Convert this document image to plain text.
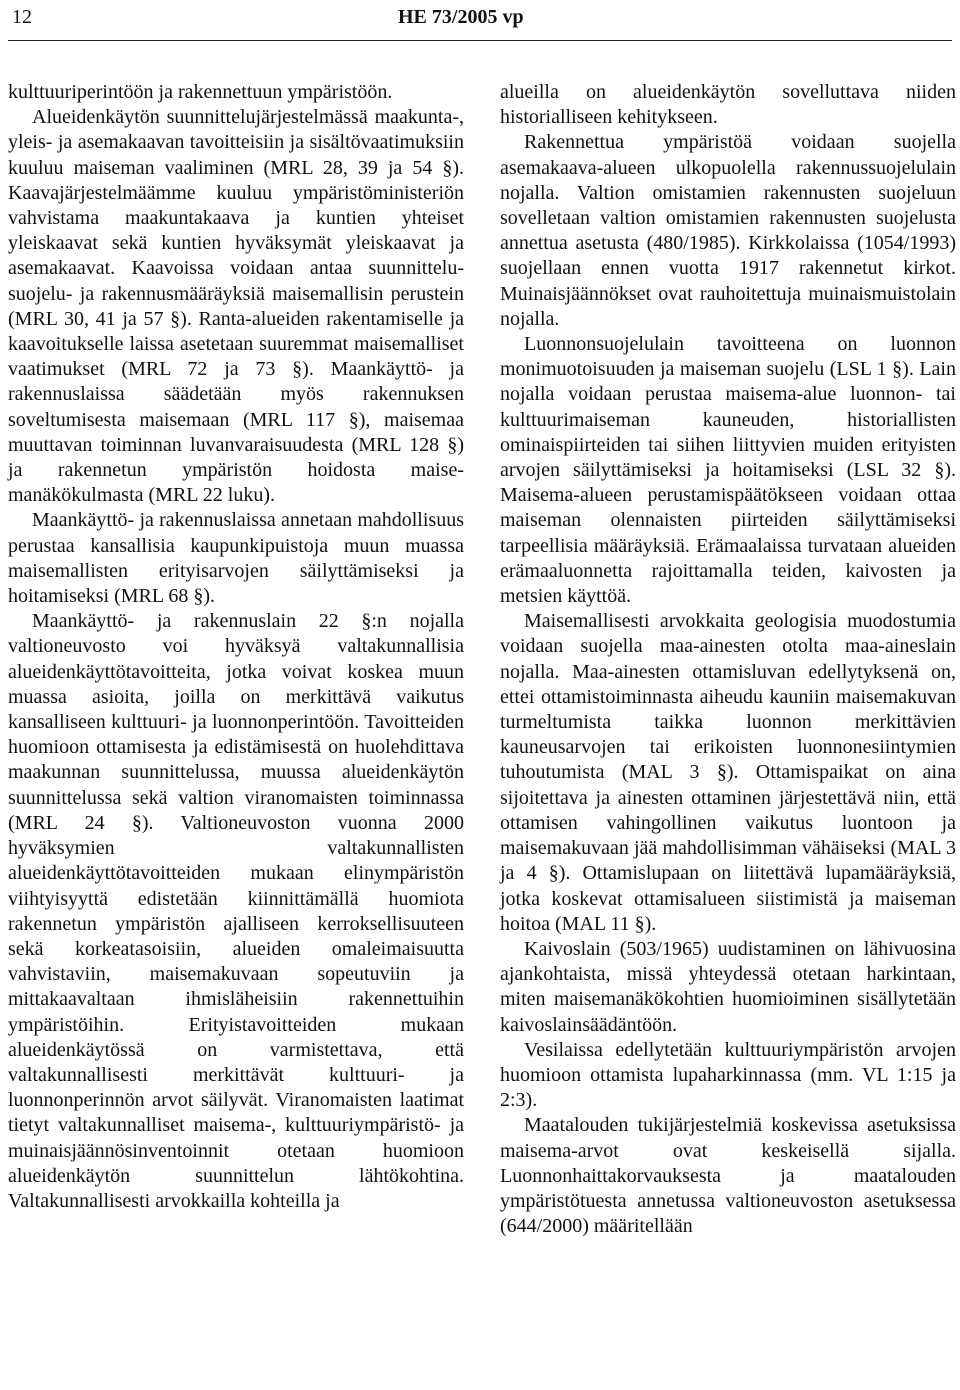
12	HE 73/2005 vp

kulttuuriperintöön ja rakennettuun ympäristöön.

Alueidenkäytön suunnittelujärjestelmässä maakunta-, yleis- ja asemakaavan tavoitteisiin ja sisältövaatimuksiin kuuluu maiseman vaaliminen (MRL 28, 39 ja 54 §). Kaavajärjestelmäämme kuuluu ympäristöministeriön vahvistama maakuntakaava ja kuntien yhteiset yleiskaavat sekä kuntien hyväksymät yleiskaavat ja asemakaavat. Kaavoissa voidaan antaa suunnittelu- suojelu- ja rakennusmääräyksiä maisemallisin perustein (MRL 30, 41 ja 57 §). Ranta-alueiden rakentamiselle ja kaavoitukselle laissa asetetaan suuremmat maisemalliset vaatimukset (MRL 72 ja 73 §). Maankäyttö- ja rakennuslaissa säädetään myös rakennuksen soveltumisesta maisemaan (MRL 117 §), maisemaa muuttavan toiminnan luvanvaraisuudesta (MRL 128 §) ja rakennetun ympäristön hoidosta maisemanäkökulmasta (MRL 22 luku).

Maankäyttö- ja rakennuslaissa annetaan mahdollisuus perustaa kansallisia kaupunkipuistoja muun muassa maisemallisten erityisarvojen säilyttämiseksi ja hoitamiseksi (MRL 68 §).

Maankäyttö- ja rakennuslain 22 §:n nojalla valtioneuvosto voi hyväksyä valtakunnallisia alueidenkäyttötavoitteita, jotka voivat koskea muun muassa asioita, joilla on merkittävä vaikutus kansalliseen kulttuuri- ja luonnonperintöön. Tavoitteiden huomioon ottamisesta ja edistämisestä on huolehdittava maakunnan suunnittelussa, muussa alueidenkäytön suunnittelussa sekä valtion viranomaisten toiminnassa (MRL 24 §). Valtioneuvoston vuonna 2000 hyväksymien valtakunnallisten alueidenkäyttötavoitteiden mukaan elinympäristön viihtyisyyttä edistetään kiinnittämällä huomiota rakennetun ympäristön ajalliseen kerroksellisuuteen sekä korkeatasoisiin, alueiden omaleimaisuutta vahvistaviin, maisemakuvaan sopeutuviin ja mittakaavaltaan ihmisläheisiin rakennettuihin ympäristöihin. Erityistavoitteiden mukaan alueidenkäytössä on varmistettava, että valtakunnallisesti merkittävät kulttuuri- ja luonnonperinnön arvot säilyvät. Viranomaisten laatimat tietyt valtakunnalliset maisema-, kulttuuriympäristö- ja muinaisjäännösinventoinnit otetaan huomioon alueidenkäytön suunnittelun lähtökohtina. Valtakunnallisesti arvokkailla kohteilla ja

alueilla on alueidenkäytön sovelluttava niiden historialliseen kehitykseen.

Rakennettua ympäristöä voidaan suojella asemakaava-alueen ulkopuolella rakennussuojelulain nojalla. Valtion omistamien rakennusten suojeluun sovelletaan valtion omistamien rakennusten suojelusta annettua asetusta (480/1985). Kirkkolaissa (1054/1993) suojellaan ennen vuotta 1917 rakennetut kirkot. Muinaisjäännökset ovat rauhoitettuja muinaismuistolain nojalla.

Luonnonsuojelulain tavoitteena on luonnon monimuotoisuuden ja maiseman suojelu (LSL 1 §). Lain nojalla voidaan perustaa maisema-alue luonnon- tai kulttuurimaiseman kauneuden, historiallisten ominaispiirteiden tai siihen liittyvien muiden erityisten arvojen säilyttämiseksi ja hoitamiseksi (LSL 32 §). Maisema-alueen perustamispäätökseen voidaan ottaa maiseman olennaisten piirteiden säilyttämiseksi tarpeellisia määräyksiä. Erämaalaissa turvataan alueiden erämaaluonnetta rajoittamalla teiden, kaivosten ja metsien käyttöä.

Maisemallisesti arvokkaita geologisia muodostumia voidaan suojella maa-ainesten otolta maa-aineslain nojalla. Maa-ainesten ottamisluvan edellytyksenä on, ettei ottamistoiminnasta aiheudu kauniin maisemakuvan turmeltumista taikka luonnon merkittävien kauneusarvojen tai erikoisten luonnonesiintymien tuhoutumista (MAL 3 §). Ottamispaikat on aina sijoitettava ja ainesten ottaminen järjestettävä niin, että ottamisen vahingollinen vaikutus luontoon ja maisemakuvaan jää mahdollisimman vähäiseksi (MAL 3 ja 4 §). Ottamislupaan on liitettävä lupamääräyksiä, jotka koskevat ottamisalueen siistimistä ja maiseman hoitoa (MAL 11 §).

Kaivoslain (503/1965) uudistaminen on lähivuosina ajankohtaista, missä yhteydessä otetaan harkintaan, miten maisemanäkökohtien huomioiminen sisällytetään kaivoslainsäädäntöön.

Vesilaissa edellytetään kulttuuriympäristön arvojen huomioon ottamista lupaharkinnassa (mm. VL 1:15 ja 2:3).

Maatalouden tukijärjestelmiä koskevissa asetuksissa maisema-arvot ovat keskeisellä sijalla. Luonnonhaittakorvauksesta ja maatalouden ympäristötuesta annetussa valtioneuvoston asetuksessa (644/2000) määritellään
